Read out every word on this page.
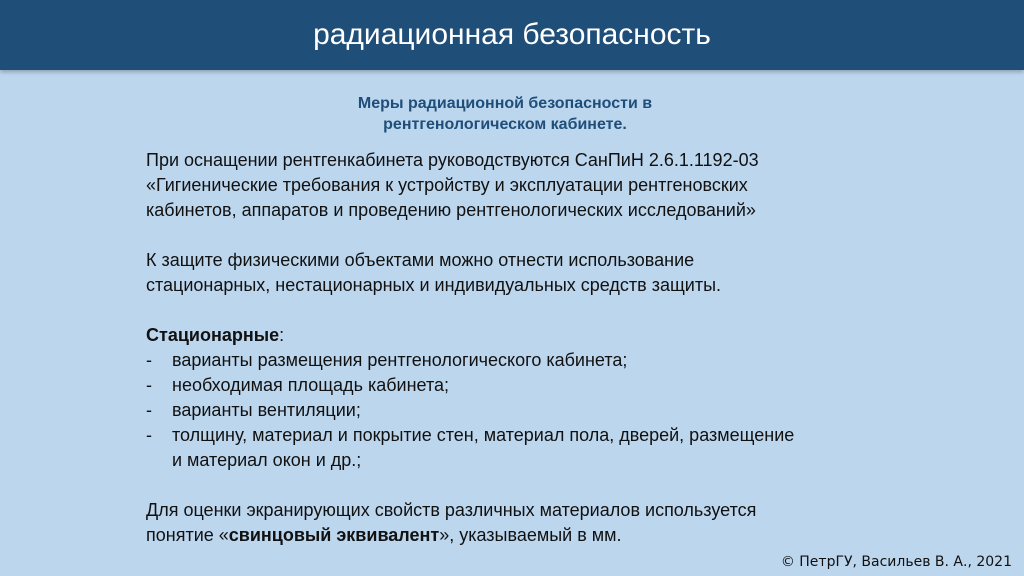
радиационная безопасность
Меры радиационной безопасности в
рентгенологическом кабинете.

При оснащении рентгенкабинета руководствуются СанПиН 2.6.1.1192-03
«Гигиенические требования к устройству и эксплуатации рентгеновских
кабинетов, аппаратов и проведению рентгенологических исследований»

К защите физическими объектами можно отнести использование
стационарных, нестационарных и индивидуальных средств защиты.

Стационарные:

- варианты размещения рентгенологического кабинета;
- необходимая площадь кабинета;
- варианты вентиляции;
- толщину, материал и покрытие стен, материал пола, дверей, размещение
и материал окон и др.;

Для оценки экранирующих свойств различных материалов используется
понятие «свинцовый эквивалент», указываемый в мм.

© ПетрГУ, Васильев В. А., 2021
